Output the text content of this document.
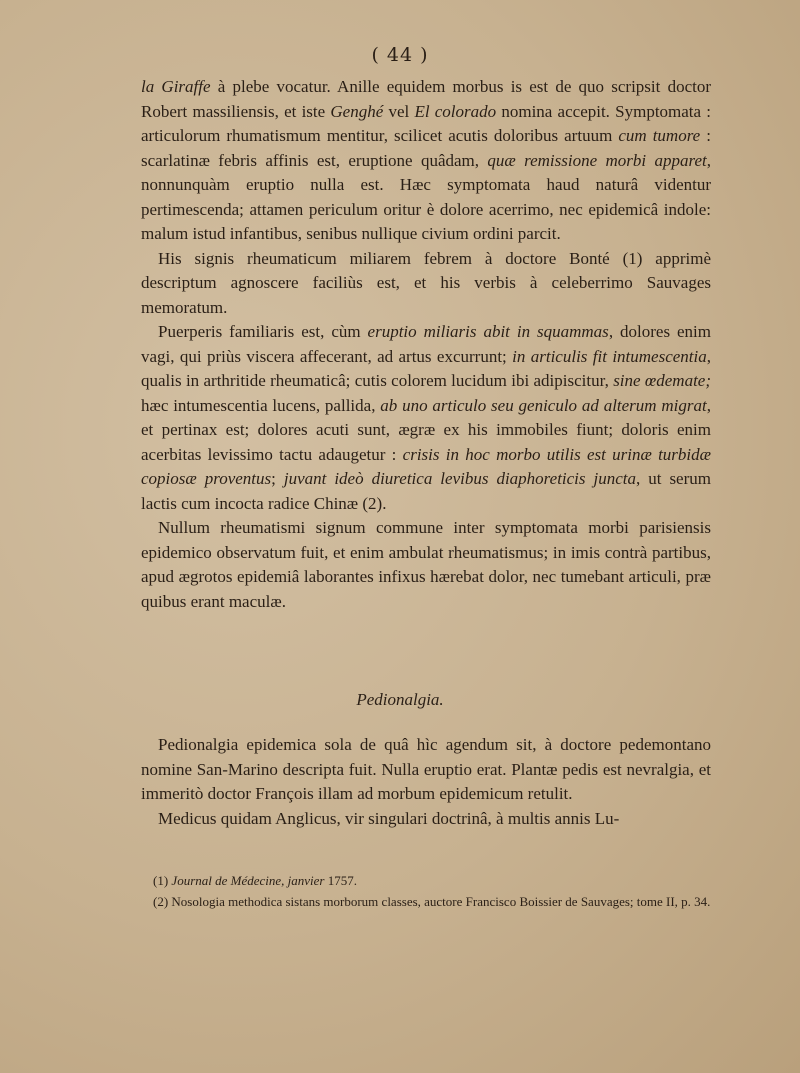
( 44 )

la Giraffe à plebe vocatur. Anille equidem morbus is est de quo scripsit doctor Robert massiliensis, et iste Genghé vel El colorado nomina accepit. Symptomata : articulorum rhumatismum mentitur, scilicet acutis doloribus artuum cum tumore : scarlatinæ febris affinis est, eruptione quâdam, quæ remissione morbi apparet, nonnunquàm eruptio nulla est. Hæc symptomata haud naturâ videntur pertimescenda; attamen periculum oritur è dolore acerrimo, nec epidemicâ indole: malum istud infantibus, senibus nullique civium ordini parcit.

His signis rheumaticum miliarem febrem à doctore Bonté (1) apprimè descriptum agnoscere faciliùs est, et his verbis à celeberrimo Sauvages memoratum.

Puerperis familiaris est, cùm eruptio miliaris abit in squammas, dolores enim vagi, qui priùs viscera affecerant, ad artus excurrunt; in articulis fit intumescentia, qualis in arthritide rheumaticâ; cutis colorem lucidum ibi adipiscitur, sine œdemate; hæc intumescentia lucens, pallida, ab uno articulo seu geniculo ad alterum migrat, et pertinax est; dolores acuti sunt, ægræ ex his immobiles fiunt; doloris enim acerbitas levissimo tactu adaugetur : crisis in hoc morbo utilis est urinæ turbidæ copiosæ proventus; juvant ideò diuretica levibus diaphoreticis juncta, ut serum lactis cum incocta radice Chinæ (2).

Nullum rheumatismi signum commune inter symptomata morbi parisiensis epidemico observatum fuit, et enim ambulat rheumatismus; in imis contrà partibus, apud ægrotos epidemiâ laborantes infixus hærebat dolor, nec tumebant articuli, præ quibus erant maculæ.

Pedionalgia.

Pedionalgia epidemica sola de quâ hìc agendum sit, à doctore pedemontano nomine San-Marino descripta fuit. Nulla eruptio erat. Plantæ pedis est nevralgia, et immeritò doctor François illam ad morbum epidemicum retulit.

Medicus quidam Anglicus, vir singulari doctrinâ, à multis annis Lu-

(1) Journal de Médecine, janvier 1757.

(2) Nosologia methodica sistans morborum classes, auctore Francisco Boissier de Sauvages; tome II, p. 34.
